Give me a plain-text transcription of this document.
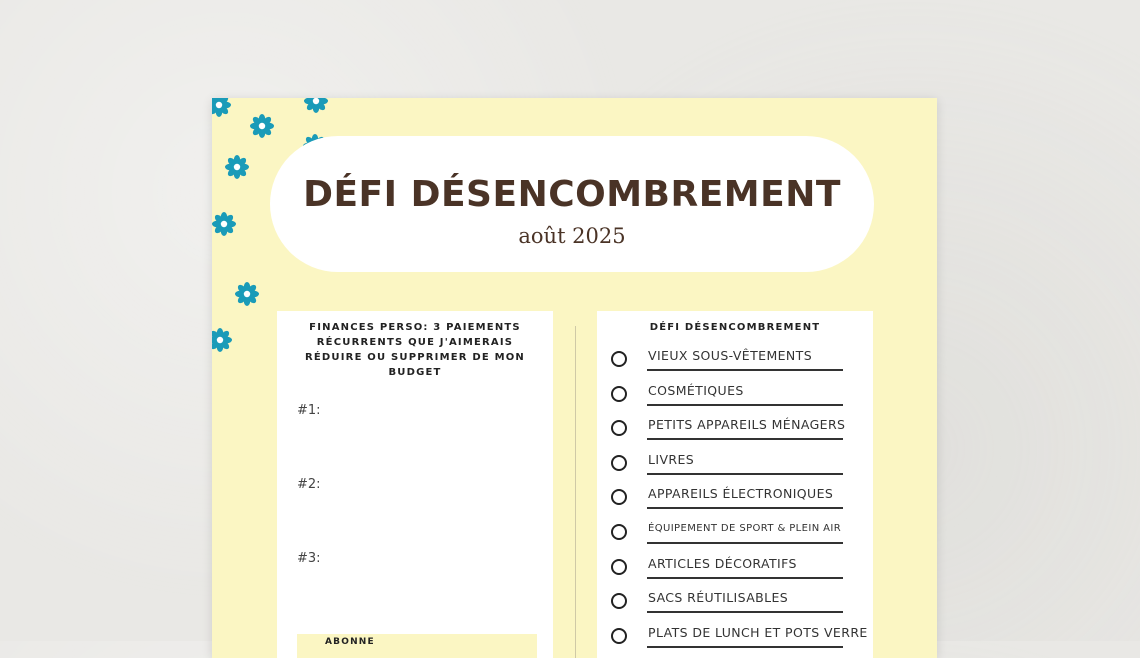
DÉFI DÉSENCOMBREMENT
août 2025
FINANCES PERSO: 3 PAIEMENTS RÉCURRENTS QUE J'AIMERAIS RÉDUIRE OU SUPPRIMER DE MON BUDGET
#1:
#2:
#3:
ABONNE
DÉFI DÉSENCOMBREMENT
VIEUX SOUS-VÊTEMENTS
COSMÉTIQUES
PETITS APPAREILS MÉNAGERS
LIVRES
APPAREILS ÉLECTRONIQUES
ÉQUIPEMENT DE SPORT & PLEIN AIR
ARTICLES DÉCORATIFS
SACS RÉUTILISABLES
PLATS DE LUNCH ET POTS VERRE
